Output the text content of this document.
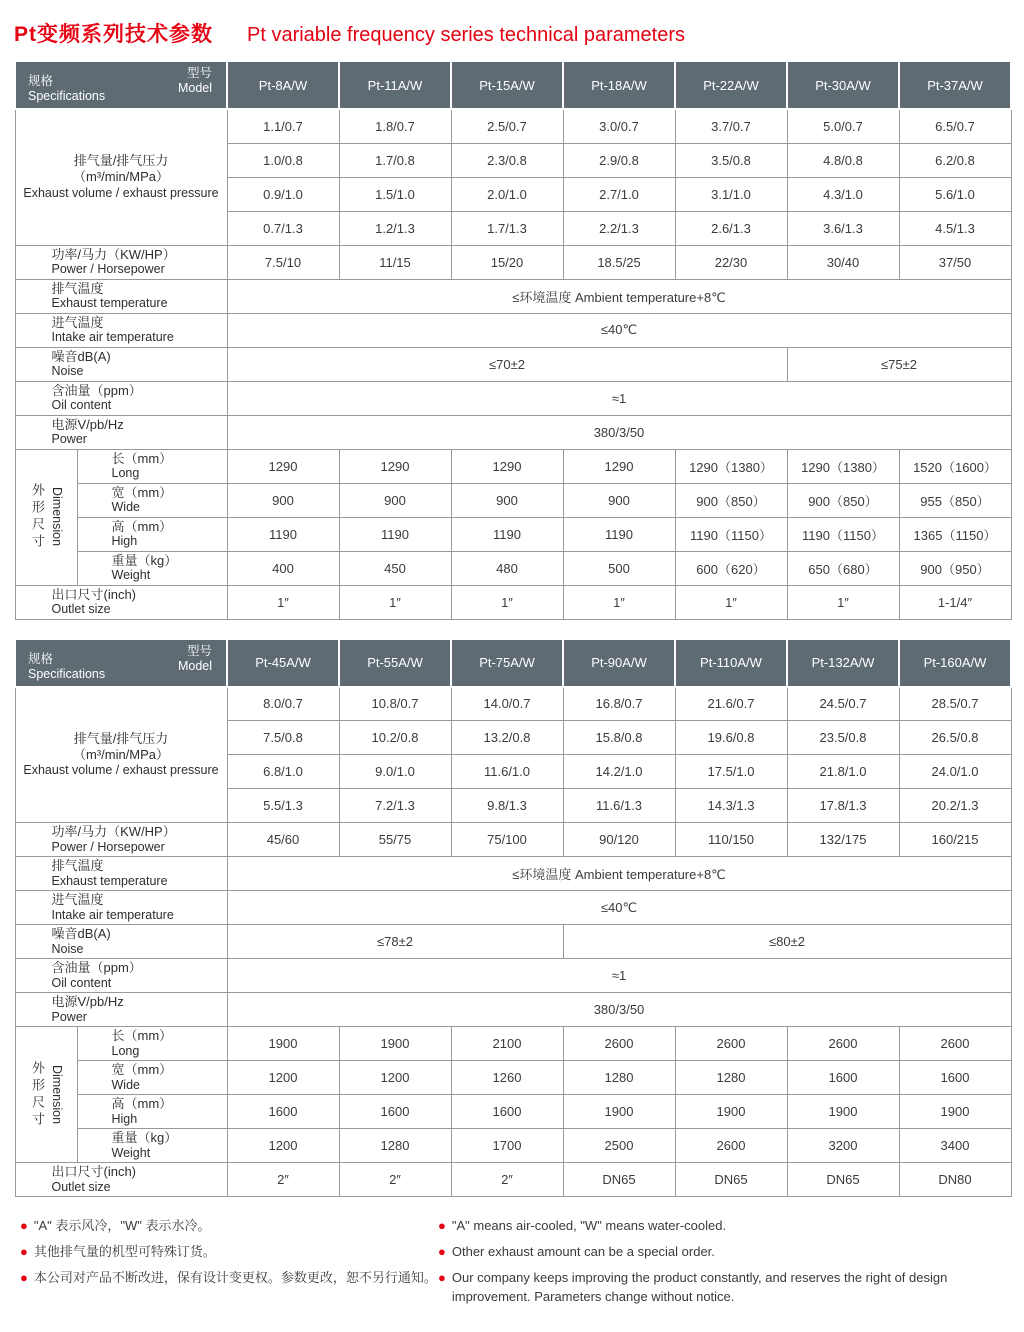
Pt变频系列技术参数 Pt variable frequency series technical parameters
型号
Model
规格
Specifications		Pt-8A/W	Pt-11A/W	Pt-15A/W	Pt-18A/W	Pt-22A/W	Pt-30A/W	Pt-37A/W

排气量/排气压力
（m³/min/MPa）
Exhaust volume / exhaust pressure		1.1/0.7	1.8/0.7	2.5/0.7	3.0/0.7	3.7/0.7	5.0/0.7	6.5/0.7
		1.0/0.8	1.7/0.8	2.3/0.8	2.9/0.8	3.5/0.8	4.8/0.8	6.2/0.8
		0.9/1.0	1.5/1.0	2.0/1.0	2.7/1.0	3.1/1.0	4.3/1.0	5.6/1.0
		0.7/1.3	1.2/1.3	1.7/1.3	2.2/1.3	2.6/1.3	3.6/1.3	4.5/1.3

功率/马力（KW/HP）
Power / Horsepower		7.5/10	11/15	15/20	18.5/25	22/30	30/40	37/50

排气温度
Exhaust temperature		≤环境温度 Ambient temperature+8℃						

进气温度
Intake air temperature		≤40℃						

噪音dB(A)
Noise		≤70±2					≤75±2	

含油量（ppm）
Oil content		≈1						

电源V/pb/Hz
Power		380/3/50						

外形尺寸 Dimension

长（mm）
Long	1290	1290	1290	1290	1290（1380）	1290（1380）	1520（1600）

	宽（mm）
Wide	900	900	900	900	900（850）	900（850）	955（850）

	高（mm）
High	1190	1190	1190	1190	1190（1150）	1190（1150）	1365（1150）

	重量（kg）
Weight	400	450	480	500	600（620）	650（680）	900（950）

出口尺寸(inch)
Outlet size		1″	1″	1″	1″	1″	1″	1-1/4″
型号
Model
规格
Specifications		Pt-45A/W	Pt-55A/W	Pt-75A/W	Pt-90A/W	Pt-110A/W	Pt-132A/W	Pt-160A/W

排气量/排气压力
（m³/min/MPa）
Exhaust volume / exhaust pressure		8.0/0.7	10.8/0.7	14.0/0.7	16.8/0.7	21.6/0.7	24.5/0.7	28.5/0.7
		7.5/0.8	10.2/0.8	13.2/0.8	15.8/0.8	19.6/0.8	23.5/0.8	26.5/0.8
		6.8/1.0	9.0/1.0	11.6/1.0	14.2/1.0	17.5/1.0	21.8/1.0	24.0/1.0
		5.5/1.3	7.2/1.3	9.8/1.3	11.6/1.3	14.3/1.3	17.8/1.3	20.2/1.3

功率/马力（KW/HP）
Power / Horsepower		45/60	55/75	75/100	90/120	110/150	132/175	160/215

排气温度
Exhaust temperature		≤环境温度 Ambient temperature+8℃						

进气温度
Intake air temperature		≤40℃						

噪音dB(A)
Noise		≤78±2			≤80±2			

含油量（ppm）
Oil content		≈1						

电源V/pb/Hz
Power		380/3/50						

外形尺寸 Dimension

长（mm）
Long	1900	1900	2100	2600	2600	2600	2600

	宽（mm）
Wide	1200	1200	1260	1280	1280	1600	1600

	高（mm）
High	1600	1600	1600	1900	1900	1900	1900

	重量（kg）
Weight	1200	1280	1700	2500	2600	3200	3400

出口尺寸(inch)
Outlet size		2″	2″	2″	DN65	DN65	DN65	DN80
● "A" 表示风冷，"W" 表示水冷。
● 其他排气量的机型可特殊订货。
● 本公司对产品不断改进，保有设计变更权。参数更改，恕不另行通知。
● "A" means air-cooled, "W" means water-cooled.
● Other exhaust amount can be a special order.
● Our company keeps improving the product constantly, and reserves the right of design improvement. Parameters change without notice.
